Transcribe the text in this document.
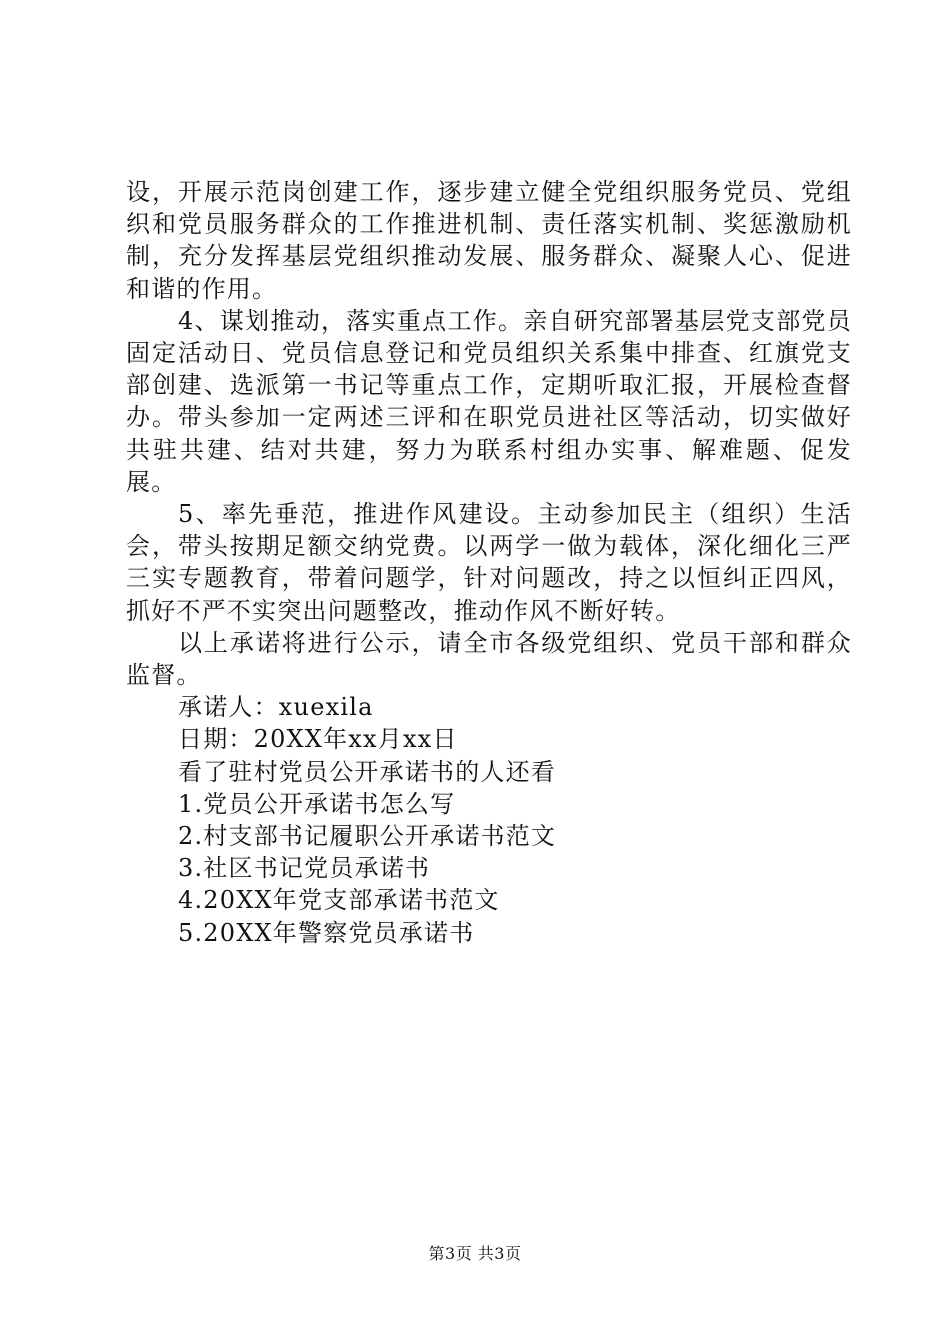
设，开展示范岗创建工作，逐步建立健全党组织服务党员、党组织和党员服务群众的工作推进机制、责任落实机制、奖惩激励机制，充分发挥基层党组织推动发展、服务群众、凝聚人心、促进和谐的作用。

4、谋划推动，落实重点工作。亲自研究部署基层党支部党员固定活动日、党员信息登记和党员组织关系集中排查、红旗党支部创建、选派第一书记等重点工作，定期听取汇报，开展检查督办。带头参加一定两述三评和在职党员进社区等活动，切实做好共驻共建、结对共建，努力为联系村组办实事、解难题、促发展。

5、率先垂范，推进作风建设。主动参加民主（组织）生活会，带头按期足额交纳党费。以两学一做为载体，深化细化三严三实专题教育，带着问题学，针对问题改，持之以恒纠正四风，抓好不严不实突出问题整改，推动作风不断好转。

以上承诺将进行公示，请全市各级党组织、党员干部和群众监督。

承诺人：xuexila

日期：20XX年xx月xx日

看了驻村党员公开承诺书的人还看

1.党员公开承诺书怎么写
2.村支部书记履职公开承诺书范文
3.社区书记党员承诺书
4.20XX年党支部承诺书范文
5.20XX年警察党员承诺书
第3页 共3页
